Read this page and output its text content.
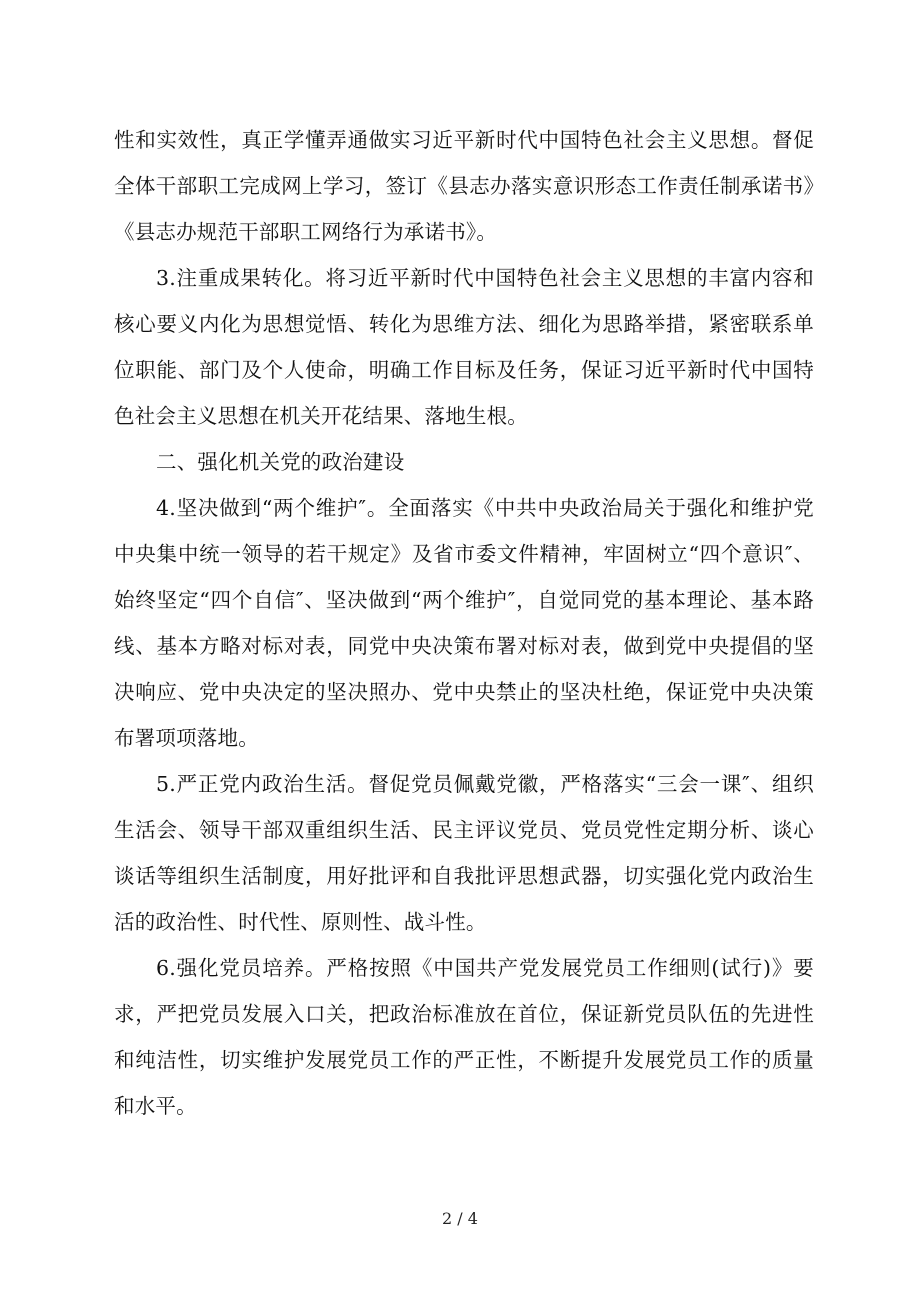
性和实效性，真正学懂弄通做实习近平新时代中国特色社会主义思想。督促全体干部职工完成网上学习，签订《县志办落实意识形态工作责任制承诺书》《县志办规范干部职工网络行为承诺书》。

3.注重成果转化。将习近平新时代中国特色社会主义思想的丰富内容和核心要义内化为思想觉悟、转化为思维方法、细化为思路举措，紧密联系单位职能、部门及个人使命，明确工作目标及任务，保证习近平新时代中国特色社会主义思想在机关开花结果、落地生根。

二、强化机关党的政治建设

4.坚决做到“两个维护″。全面落实《中共中央政治局关于强化和维护党中央集中统一领导的若干规定》及省市委文件精神，牢固树立“四个意识″、始终坚定“四个自信″、坚决做到“两个维护″，自觉同党的基本理论、基本路线、基本方略对标对表，同党中央决策布署对标对表，做到党中央提倡的坚决响应、党中央决定的坚决照办、党中央禁止的坚决杜绝，保证党中央决策布署项项落地。

5.严正党内政治生活。督促党员佩戴党徽，严格落实“三会一课″、组织生活会、领导干部双重组织生活、民主评议党员、党员党性定期分析、谈心谈话等组织生活制度，用好批评和自我批评思想武器，切实强化党内政治生活的政治性、时代性、原则性、战斗性。

6.强化党员培养。严格按照《中国共产党发展党员工作细则(试行)》要求，严把党员发展入口关，把政治标准放在首位，保证新党员队伍的先进性和纯洁性，切实维护发展党员工作的严正性，不断提升发展党员工作的质量和水平。

2 / 4
